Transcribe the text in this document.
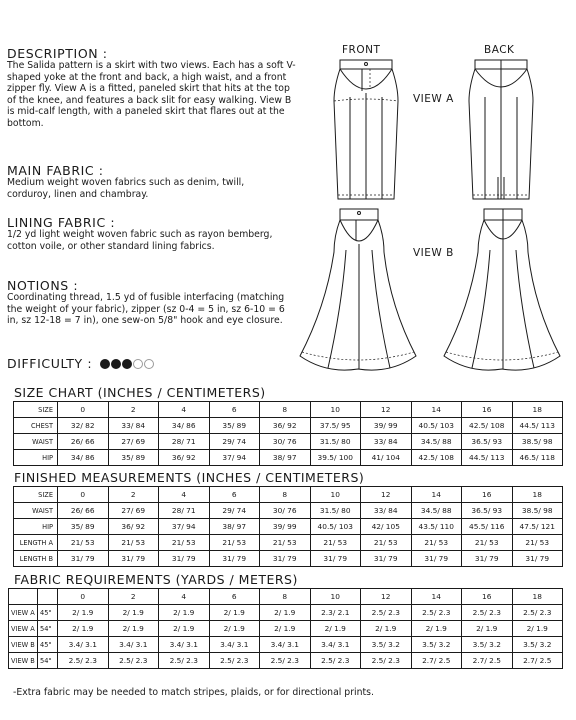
DESCRIPTION :
The Salida pattern is a skirt with two views. Each has a soft V-shaped yoke at the front and back, a high waist, and a front zipper fly. View A is a fitted, paneled skirt that hits at the top of the knee, and features a back slit for easy walking. View B is mid-calf length, with a paneled skirt that flares out at the bottom.
MAIN FABRIC :
Medium weight woven fabrics such as denim, twill, corduroy, linen and chambray.
LINING FABRIC :
1/2 yd light weight woven fabric such as rayon bemberg, cotton voile, or other standard lining fabrics.
NOTIONS :
Coordinating thread, 1.5 yd of fusible interfacing (matching the weight of your fabric), zipper (sz 0-4 = 5 in, sz 6-10 = 6 in, sz 12-18 = 7 in), one sew-on 5/8" hook and eye closure.
DIFFICULTY :
FRONT	BACK
VIEW A
VIEW B
SIZE CHART (INCHES / CENTIMETERS)
SIZE	0	2	4	6	8	10	12	14	16	18
CHEST	32/ 82	33/ 84	34/ 86	35/ 89	36/ 92	37.5/ 95	39/ 99	40.5/ 103	42.5/ 108	44.5/ 113
WAIST	26/ 66	27/ 69	28/ 71	29/ 74	30/ 76	31.5/ 80	33/ 84	34.5/ 88	36.5/ 93	38.5/ 98
HIP	34/ 86	35/ 89	36/ 92	37/ 94	38/ 97	39.5/ 100	41/ 104	42.5/ 108	44.5/ 113	46.5/ 118
FINISHED MEASUREMENTS (INCHES / CENTIMETERS)
SIZE	0	2	4	6	8	10	12	14	16	18
WAIST	26/ 66	27/ 69	28/ 71	29/ 74	30/ 76	31.5/ 80	33/ 84	34.5/ 88	36.5/ 93	38.5/ 98
HIP	35/ 89	36/ 92	37/ 94	38/ 97	39/ 99	40.5/ 103	42/ 105	43.5/ 110	45.5/ 116	47.5/ 121
LENGTH A	21/ 53	21/ 53	21/ 53	21/ 53	21/ 53	21/ 53	21/ 53	21/ 53	21/ 53	21/ 53
LENGTH B	31/ 79	31/ 79	31/ 79	31/ 79	31/ 79	31/ 79	31/ 79	31/ 79	31/ 79	31/ 79
FABRIC REQUIREMENTS (YARDS / METERS)
		0	2	4	6	8	10	12	14	16	18
VIEW A	45"	2/ 1.9	2/ 1.9	2/ 1.9	2/ 1.9	2/ 1.9	2.3/ 2.1	2.5/ 2.3	2.5/ 2.3	2.5/ 2.3	2.5/ 2.3
VIEW A	54"	2/ 1.9	2/ 1.9	2/ 1.9	2/ 1.9	2/ 1.9	2/ 1.9	2/ 1.9	2/ 1.9	2/ 1.9	2/ 1.9
VIEW B	45"	3.4/ 3.1	3.4/ 3.1	3.4/ 3.1	3.4/ 3.1	3.4/ 3.1	3.4/ 3.1	3.5/ 3.2	3.5/ 3.2	3.5/ 3.2	3.5/ 3.2
VIEW B	54"	2.5/ 2.3	2.5/ 2.3	2.5/ 2.3	2.5/ 2.3	2.5/ 2.3	2.5/ 2.3	2.5/ 2.3	2.7/ 2.5	2.7/ 2.5	2.7/ 2.5
-Extra fabric may be needed to match stripes, plaids, or for directional prints.
